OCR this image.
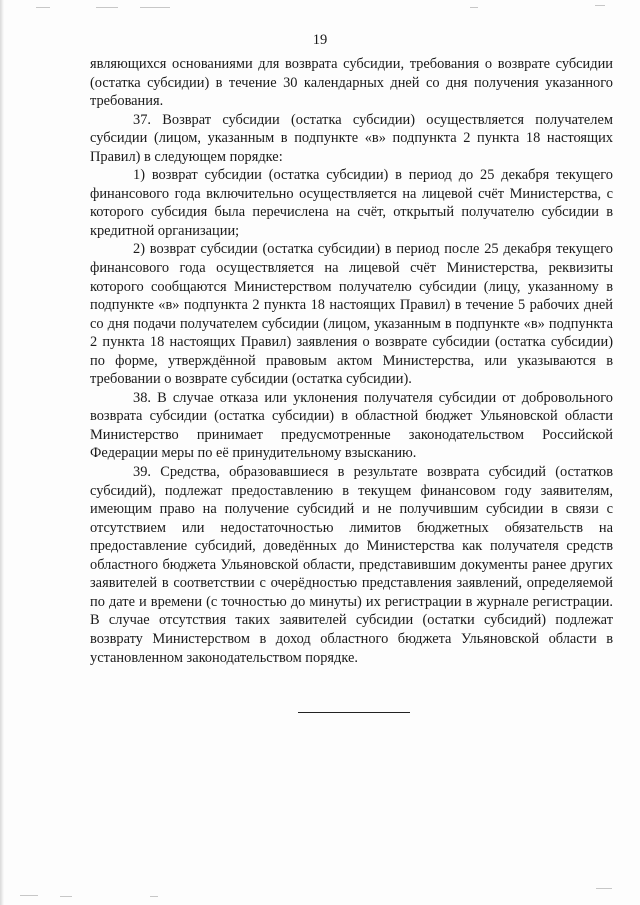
19

являющихся основаниями для возврата субсидии, требования о возврате субсидии (остатка субсидии) в течение 30 календарных дней со дня получения указанного требования.

37. Возврат субсидии (остатка субсидии) осуществляется получателем субсидии (лицом, указанным в подпункте «в» подпункта 2 пункта 18 настоящих Правил) в следующем порядке:

1) возврат субсидии (остатка субсидии) в период до 25 декабря текущего финансового года включительно осуществляется на лицевой счёт Министерства, с которого субсидия была перечислена на счёт, открытый получателю субсидии в кредитной организации;

2) возврат субсидии (остатка субсидии) в период после 25 декабря текущего финансового года осуществляется на лицевой счёт Министерства, реквизиты которого сообщаются Министерством получателю субсидии (лицу, указанному в подпункте «в» подпункта 2 пункта 18 настоящих Правил) в течение 5 рабочих дней со дня подачи получателем субсидии (лицом, указанным в подпункте «в» подпункта 2 пункта 18 настоящих Правил) заявления о возврате субсидии (остатка субсидии) по форме, утверждённой правовым актом Министерства, или указываются в требовании о возврате субсидии (остатка субсидии).

38. В случае отказа или уклонения получателя субсидии от добровольного возврата субсидии (остатка субсидии) в областной бюджет Ульяновской области Министерство принимает предусмотренные законодательством Российской Федерации меры по её принудительному взысканию.

39. Средства, образовавшиеся в результате возврата субсидий (остатков субсидий), подлежат предоставлению в текущем финансовом году заявителям, имеющим право на получение субсидий и не получившим субсидии в связи с отсутствием или недостаточностью лимитов бюджетных обязательств на предоставление субсидий, доведённых до Министерства как получателя средств областного бюджета Ульяновской области, представившим документы ранее других заявителей в соответствии с очерёдностью представления заявлений, определяемой по дате и времени (с точностью до минуты) их регистрации в журнале регистрации. В случае отсутствия таких заявителей субсидии (остатки субсидий) подлежат возврату Министерством в доход областного бюджета Ульяновской области в установленном законодательством порядке.
